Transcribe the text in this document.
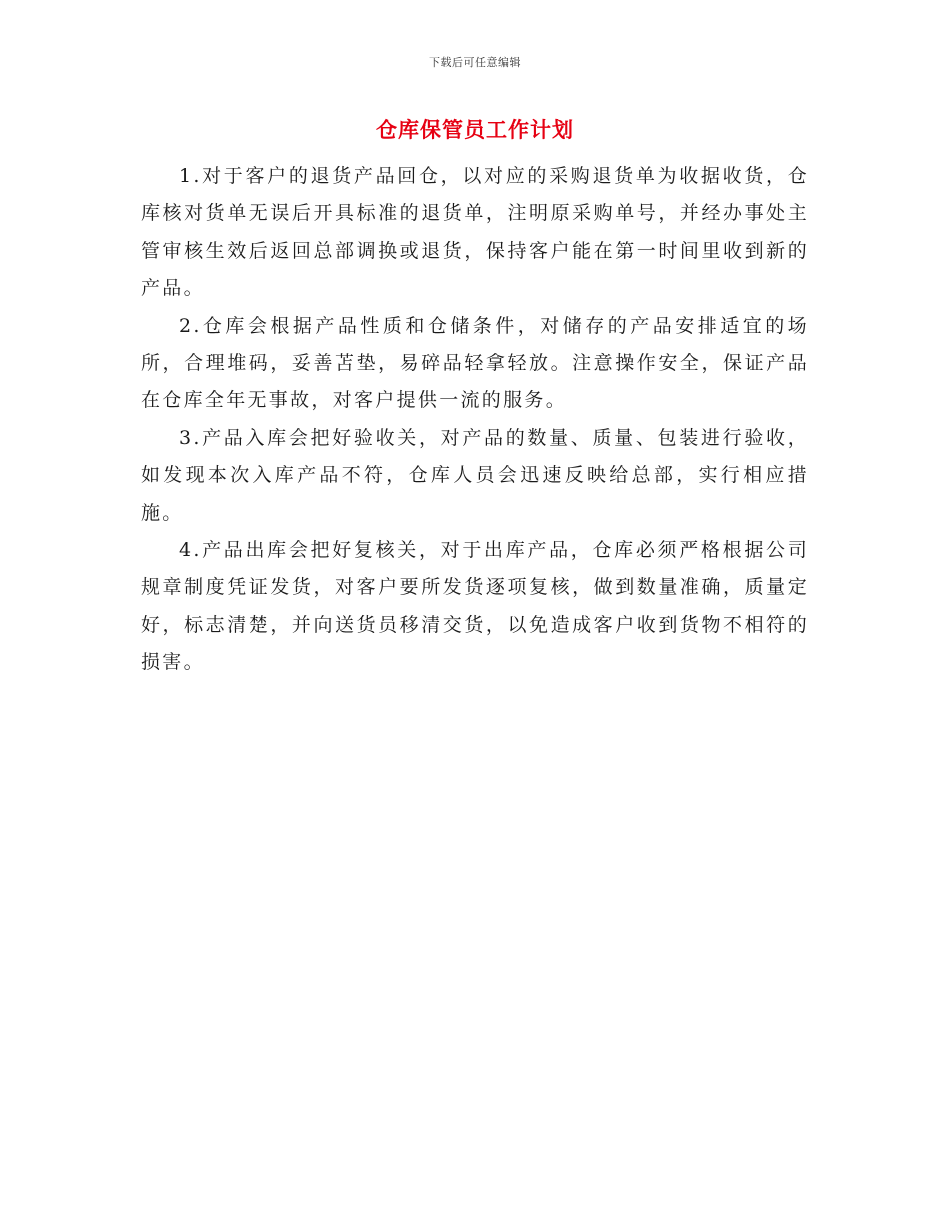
下载后可任意编辑
仓库保管员工作计划

1.对于客户的退货产品回仓，以对应的采购退货单为收据收货，仓库核对货单无误后开具标准的退货单，注明原采购单号，并经办事处主管审核生效后返回总部调换或退货，保持客户能在第一时间里收到新的产品。

2.仓库会根据产品性质和仓储条件，对储存的产品安排适宜的场所，合理堆码，妥善苫垫，易碎品轻拿轻放。注意操作安全，保证产品在仓库全年无事故，对客户提供一流的服务。

3.产品入库会把好验收关，对产品的数量、质量、包装进行验收，如发现本次入库产品不符，仓库人员会迅速反映给总部，实行相应措施。

4.产品出库会把好复核关，对于出库产品，仓库必须严格根据公司规章制度凭证发货，对客户要所发货逐项复核，做到数量准确，质量定好，标志清楚，并向送货员移清交货，以免造成客户收到货物不相符的损害。
